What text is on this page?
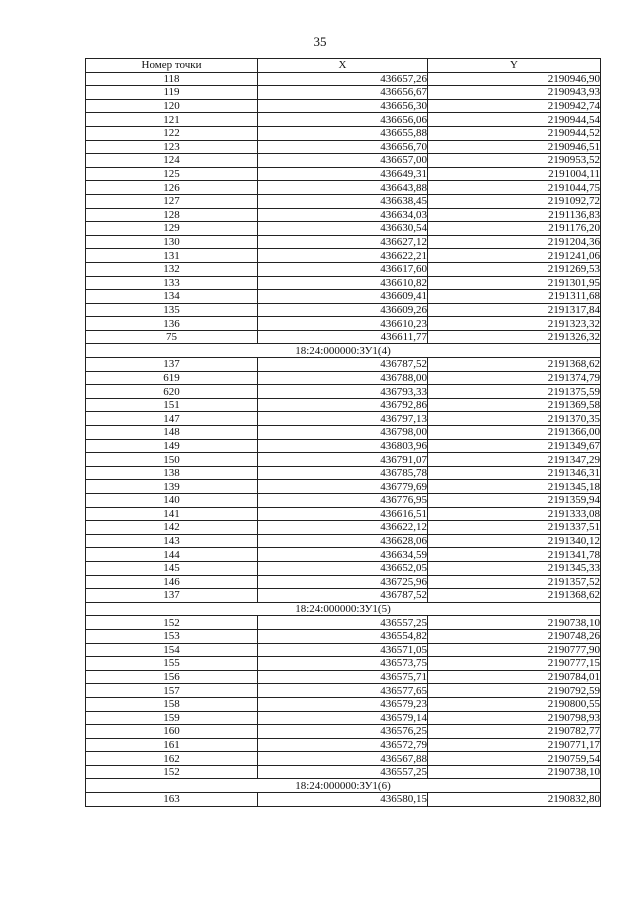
35
Номер точки	X	Y
118	436657,26	2190946,90
119	436656,67	2190943,93
120	436656,30	2190942,74
121	436656,06	2190944,54
122	436655,88	2190944,52
123	436656,70	2190946,51
124	436657,00	2190953,52
125	436649,31	2191004,11
126	436643,88	2191044,75
127	436638,45	2191092,72
128	436634,03	2191136,83
129	436630,54	2191176,20
130	436627,12	2191204,36
131	436622,21	2191241,06
132	436617,60	2191269,53
133	436610,82	2191301,95
134	436609,41	2191311,68
135	436609,26	2191317,84
136	436610,23	2191323,32
75	436611,77	2191326,32
18:24:000000:ЗУ1(4)		
137	436787,52	2191368,62
619	436788,00	2191374,79
620	436793,33	2191375,59
151	436792,86	2191369,58
147	436797,13	2191370,35
148	436798,00	2191366,00
149	436803,96	2191349,67
150	436791,07	2191347,29
138	436785,78	2191346,31
139	436779,69	2191345,18
140	436776,95	2191359,94
141	436616,51	2191333,08
142	436622,12	2191337,51
143	436628,06	2191340,12
144	436634,59	2191341,78
145	436652,05	2191345,33
146	436725,96	2191357,52
137	436787,52	2191368,62
18:24:000000:ЗУ1(5)		
152	436557,25	2190738,10
153	436554,82	2190748,26
154	436571,05	2190777,90
155	436573,75	2190777,15
156	436575,71	2190784,01
157	436577,65	2190792,59
158	436579,23	2190800,55
159	436579,14	2190798,93
160	436576,25	2190782,77
161	436572,79	2190771,17
162	436567,88	2190759,54
152	436557,25	2190738,10
18:24:000000:ЗУ1(6)		
163	436580,15	2190832,80
